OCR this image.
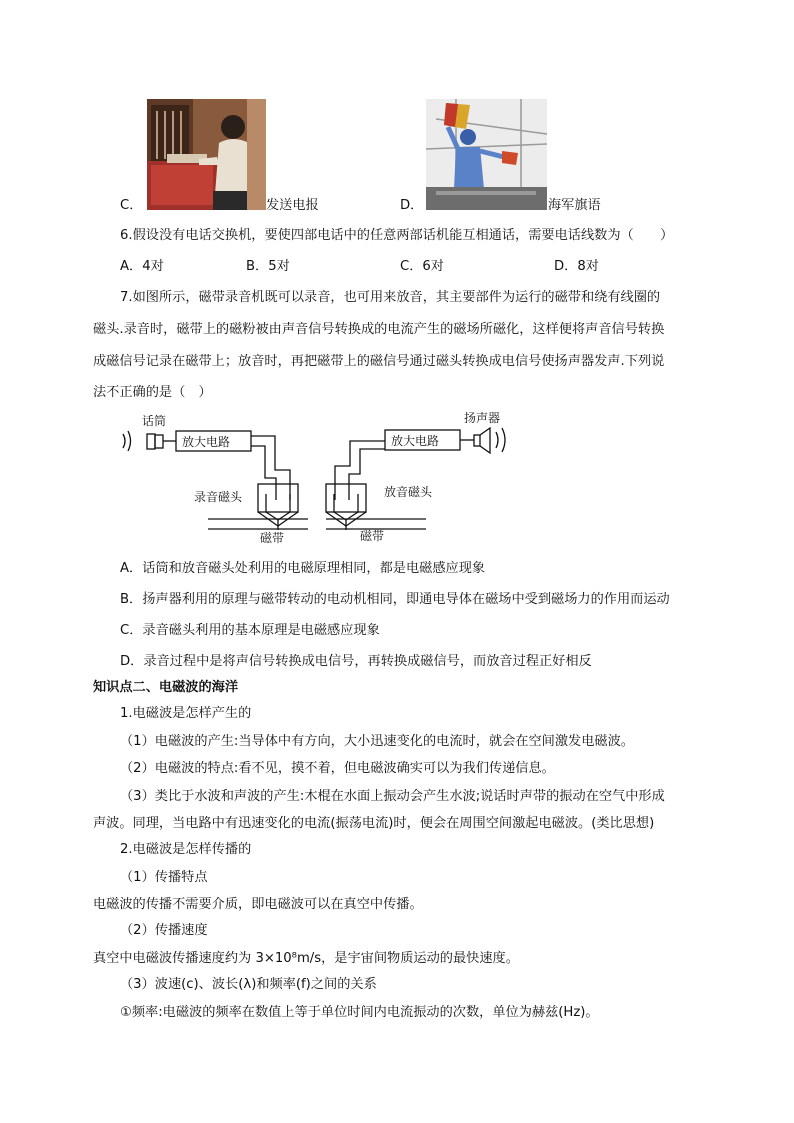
C．	发送电报	D．	海军旗语
6.假设没有电话交换机，要使四部电话中的任意两部话机能互相通话，需要电话线数为（　　）
A．4对	B．5对	C．6对	D．8对
7.如图所示，磁带录音机既可以录音，也可用来放音，其主要部件为运行的磁带和绕有线圈的
磁头.录音时，磁带上的磁粉被由声音信号转换成的电流产生的磁场所磁化，这样便将声音信号转换
成磁信号记录在磁带上；放音时，再把磁带上的磁信号通过磁头转换成电信号使扬声器发声.下列说
法不正确的是（　）
话筒
放大电路
录音磁头
磁带
扬声器
放大电路
放音磁头
磁带
A．话筒和放音磁头处利用的电磁原理相同，都是电磁感应现象
B．扬声器利用的原理与磁带转动的电动机相同，即通电导体在磁场中受到磁场力的作用而运动
C．录音磁头利用的基本原理是电磁感应现象
D．录音过程中是将声信号转换成电信号，再转换成磁信号，而放音过程正好相反
知识点二、电磁波的海洋
1.电磁波是怎样产生的
（1）电磁波的产生:当导体中有方向，大小迅速变化的电流时，就会在空间激发电磁波。
（2）电磁波的特点:看不见，摸不着，但电磁波确实可以为我们传递信息。
（3）类比于水波和声波的产生:木棍在水面上振动会产生水波;说话时声带的振动在空气中形成
声波。同理，当电路中有迅速变化的电流(振荡电流)时，便会在周围空间激起电磁波。(类比思想)
2.电磁波是怎样传播的
（1）传播特点
电磁波的传播不需要介质，即电磁波可以在真空中传播。
（2）传播速度
真空中电磁波传播速度约为 3×10⁸m/s，是宇宙间物质运动的最快速度。
（3）波速(c)、波长(λ)和频率(f)之间的关系
①频率:电磁波的频率在数值上等于单位时间内电流振动的次数，单位为赫兹(Hz)。
